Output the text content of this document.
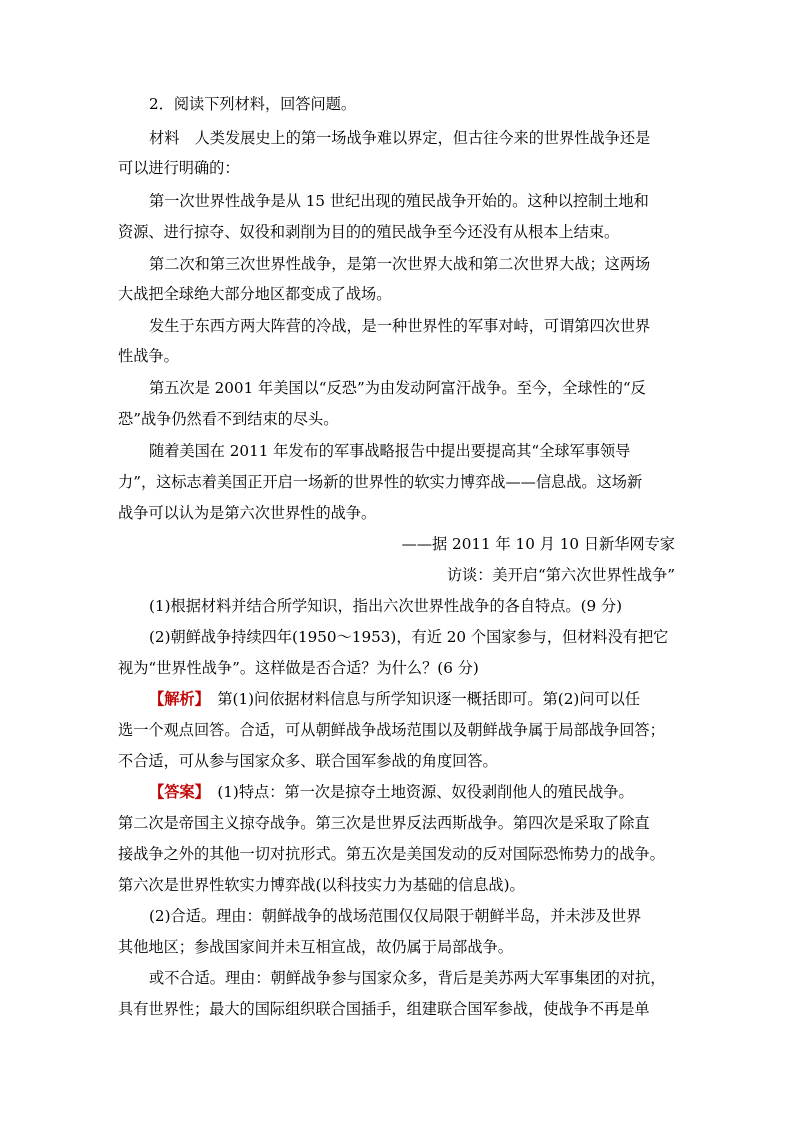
2．阅读下列材料，回答问题。
材料　人类发展史上的第一场战争难以界定，但古往今来的世界性战争还是
可以进行明确的：
第一次世界性战争是从 15 世纪出现的殖民战争开始的。这种以控制土地和
资源、进行掠夺、奴役和剥削为目的的殖民战争至今还没有从根本上结束。
第二次和第三次世界性战争，是第一次世界大战和第二次世界大战；这两场
大战把全球绝大部分地区都变成了战场。
发生于东西方两大阵营的冷战，是一种世界性的军事对峙，可谓第四次世界
性战争。
第五次是 2001 年美国以“反恐”为由发动阿富汗战争。至今，全球性的“反
恐”战争仍然看不到结束的尽头。
随着美国在 2011 年发布的军事战略报告中提出要提高其“全球军事领导
力”，这标志着美国正开启一场新的世界性的软实力博弈战——信息战。这场新
战争可以认为是第六次世界性的战争。
——据 2011 年 10 月 10 日新华网专家
访谈：美开启“第六次世界性战争”
(1)根据材料并结合所学知识，指出六次世界性战争的各自特点。(9 分)
(2)朝鲜战争持续四年(1950～1953)，有近 20 个国家参与，但材料没有把它
视为“世界性战争”。这样做是否合适？为什么？(6 分)
【解析】　第(1)问依据材料信息与所学知识逐一概括即可。第(2)问可以任
选一个观点回答。合适，可从朝鲜战争战场范围以及朝鲜战争属于局部战争回答；
不合适，可从参与国家众多、联合国军参战的角度回答。
【答案】　(1)特点：第一次是掠夺土地资源、奴役剥削他人的殖民战争。
第二次是帝国主义掠夺战争。第三次是世界反法西斯战争。第四次是采取了除直
接战争之外的其他一切对抗形式。第五次是美国发动的反对国际恐怖势力的战争。
第六次是世界性软实力博弈战(以科技实力为基础的信息战)。
(2)合适。理由：朝鲜战争的战场范围仅仅局限于朝鲜半岛，并未涉及世界
其他地区；参战国家间并未互相宣战，故仍属于局部战争。
或不合适。理由：朝鲜战争参与国家众多，背后是美苏两大军事集团的对抗，
具有世界性；最大的国际组织联合国插手，组建联合国军参战，使战争不再是单
